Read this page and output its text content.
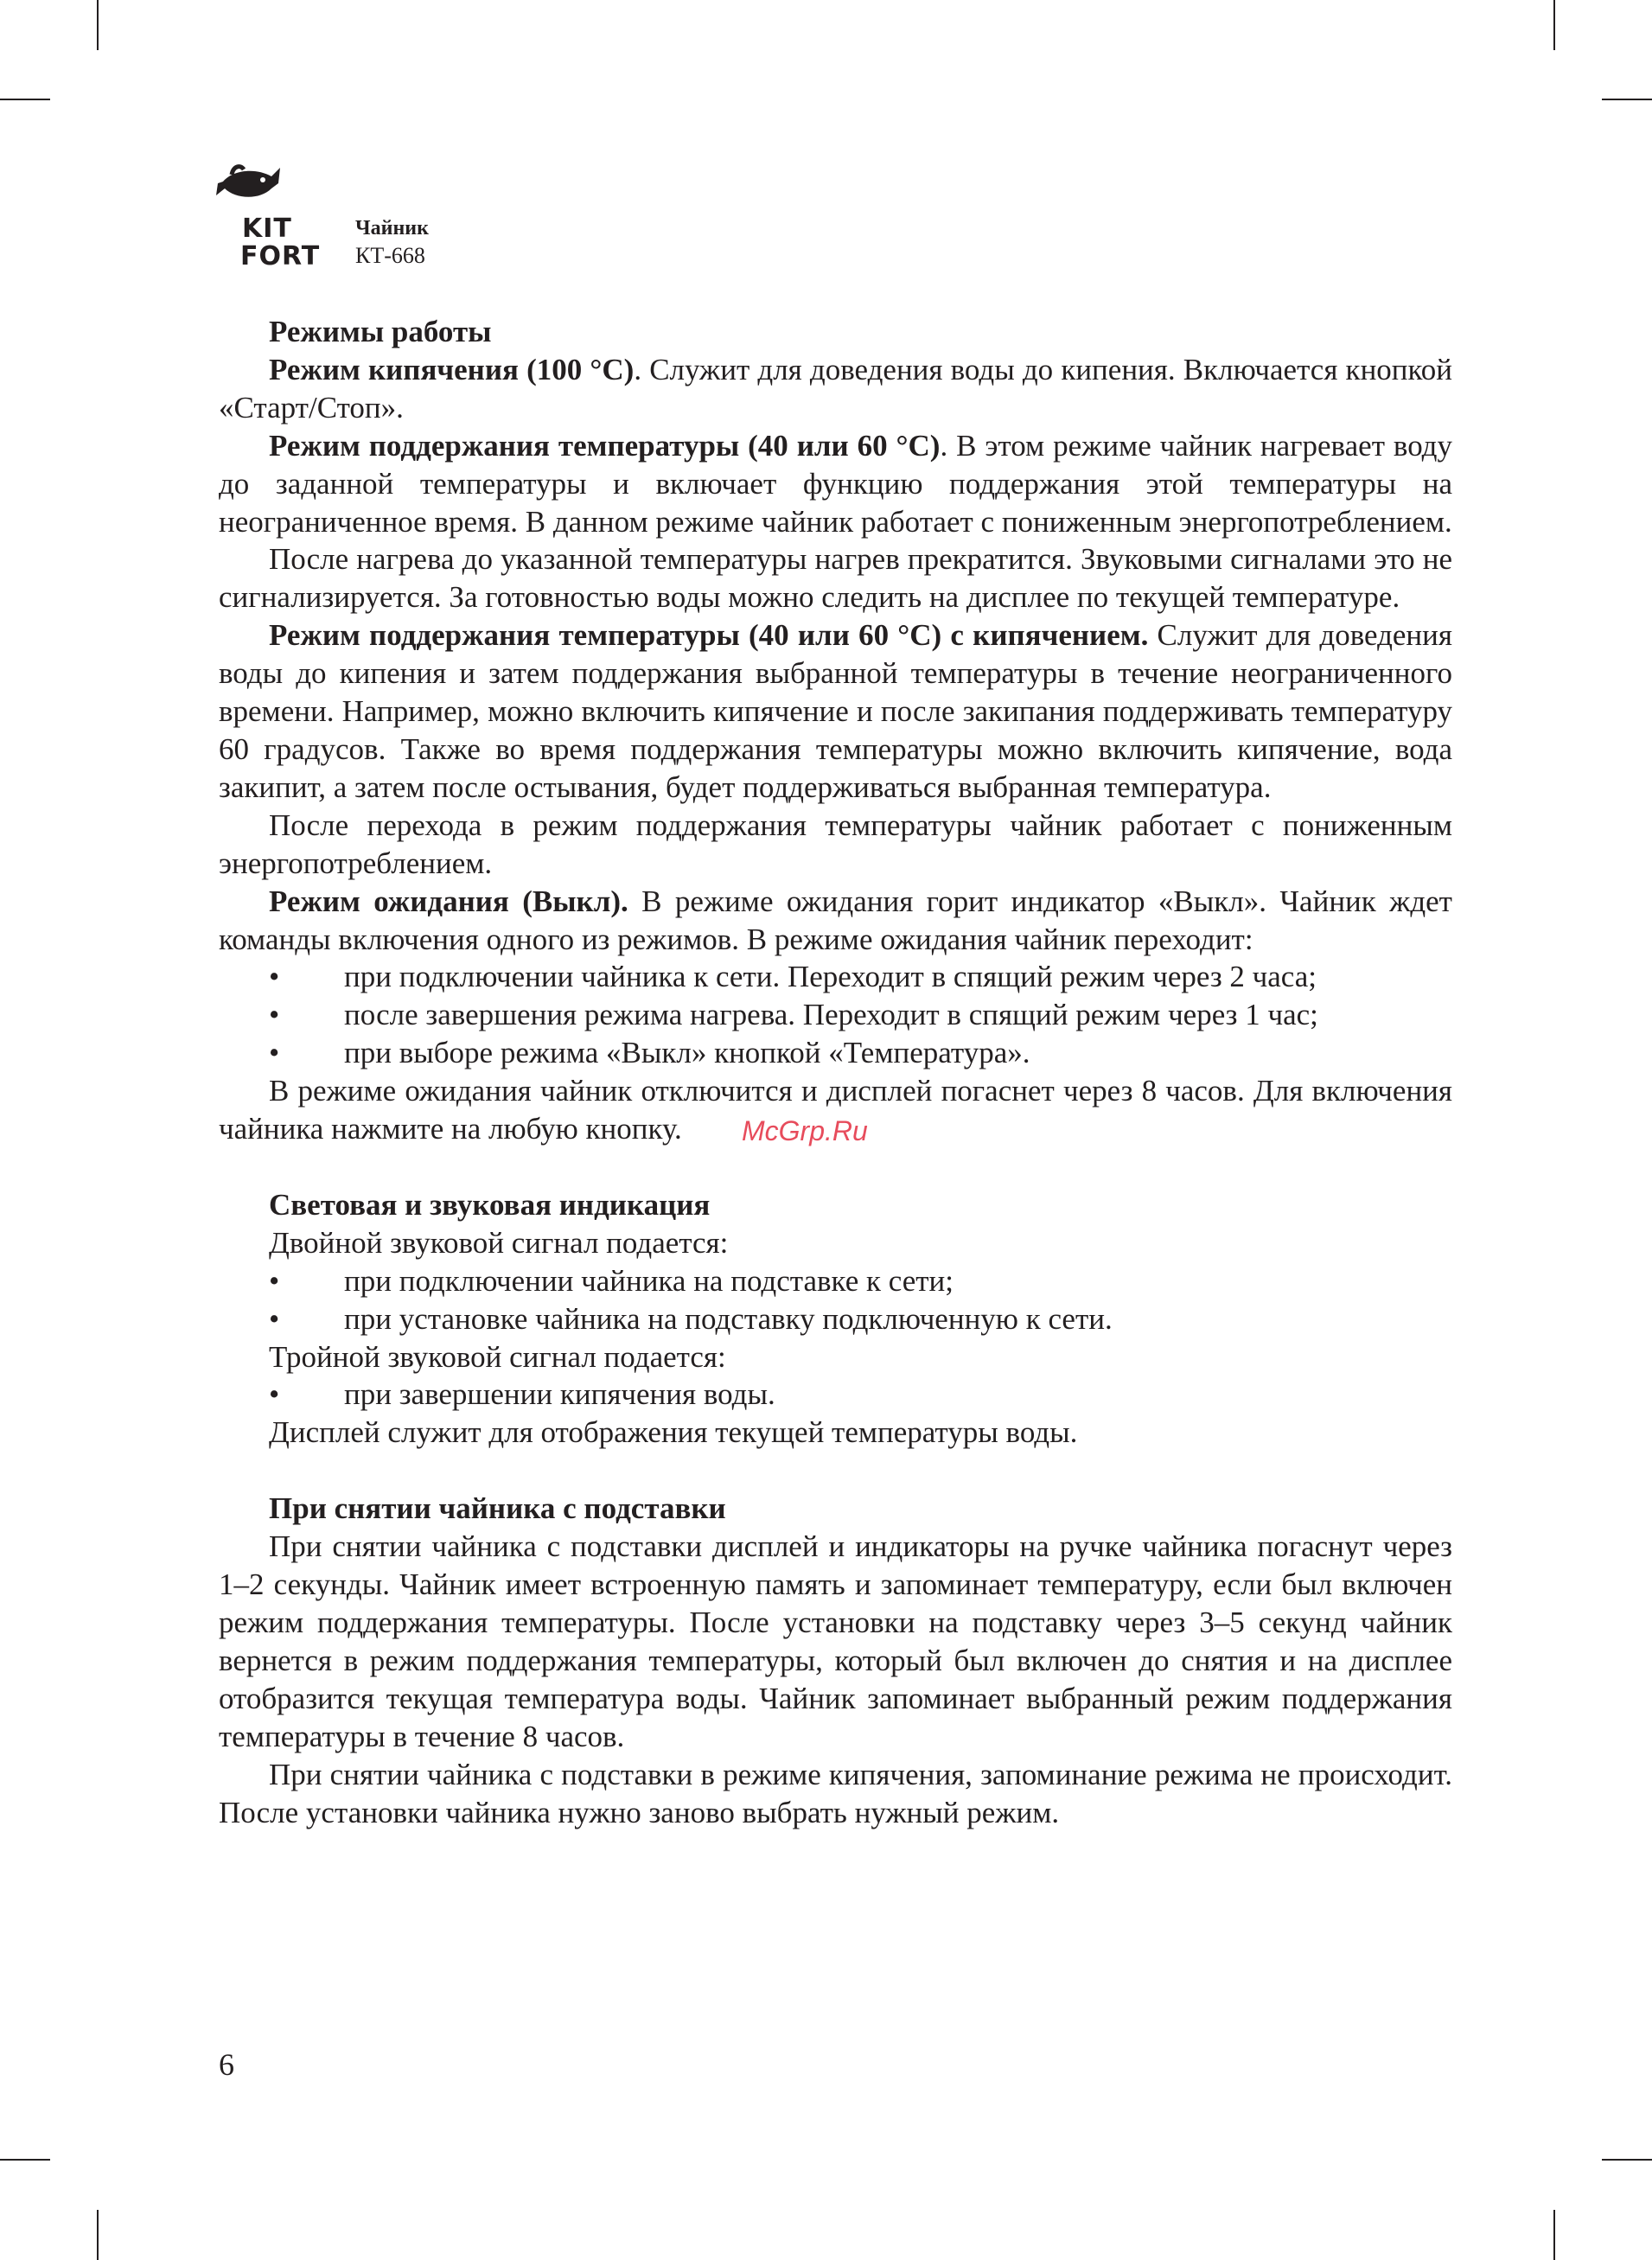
KIT
FORT
Чайник
КТ-668

Режимы работы

Режим кипячения (100 °С). Служит для доведения воды до кипения. Включается кнопкой «Старт/Стоп».

Режим поддержания температуры (40 или 60 °С). В этом режиме чайник нагревает воду до заданной температуры и включает функцию поддержания этой температуры на неограниченное время. В данном режиме чайник работает с пониженным энергопотреблением.

После нагрева до указанной температуры нагрев прекратится. Звуковыми сигналами это не сигнализируется. За готовностью воды можно следить на дисплее по текущей температуре.

Режим поддержания температуры (40 или 60 °С) с кипячением. Служит для доведения воды до кипения и затем поддержания выбранной температуры в течение неограниченного времени. Например, можно включить кипячение и после закипания поддерживать температуру 60 градусов. Также во время поддержания температуры можно включить кипячение, вода закипит, а затем после остывания, будет поддерживаться выбранная температура.

После перехода в режим поддержания температуры чайник работает с пониженным энергопотреблением.

Режим ожидания (Выкл). В режиме ожидания горит индикатор «Выкл». Чайник ждет команды включения одного из режимов. В режиме ожидания чайник переходит:

•	при подключении чайника к сети. Переходит в спящий режим через 2 часа;
•	после завершения режима нагрева. Переходит в спящий режим через 1 час;
•	при выборе режима «Выкл» кнопкой «Температура».

В режиме ожидания чайник отключится и дисплей погаснет через 8 часов. Для включения чайника нажмите на любую кнопку.

Световая и звуковая индикация

Двойной звуковой сигнал подается:

•	при подключении чайника на подставке к сети;
•	при установке чайника на подставку подключенную к сети.

Тройной звуковой сигнал подается:

•	при завершении кипячения воды.

Дисплей служит для отображения текущей температуры воды.

При снятии чайника с подставки

При снятии чайника с подставки дисплей и индикаторы на ручке чайника погаснут через 1–2 секунды. Чайник имеет встроенную память и запоминает температуру, если был включен режим поддержания температуры. После установки на подставку через 3–5 секунд чайник вернется в режим поддержания температуры, который был включен до снятия и на дисплее отобразится текущая температура воды. Чайник запоминает выбранный режим поддержания температуры в течение 8 часов.

При снятии чайника с подставки в режиме кипячения, запоминание режима не происходит. После установки чайника нужно заново выбрать нужный режим.

McGrp.Ru
6
